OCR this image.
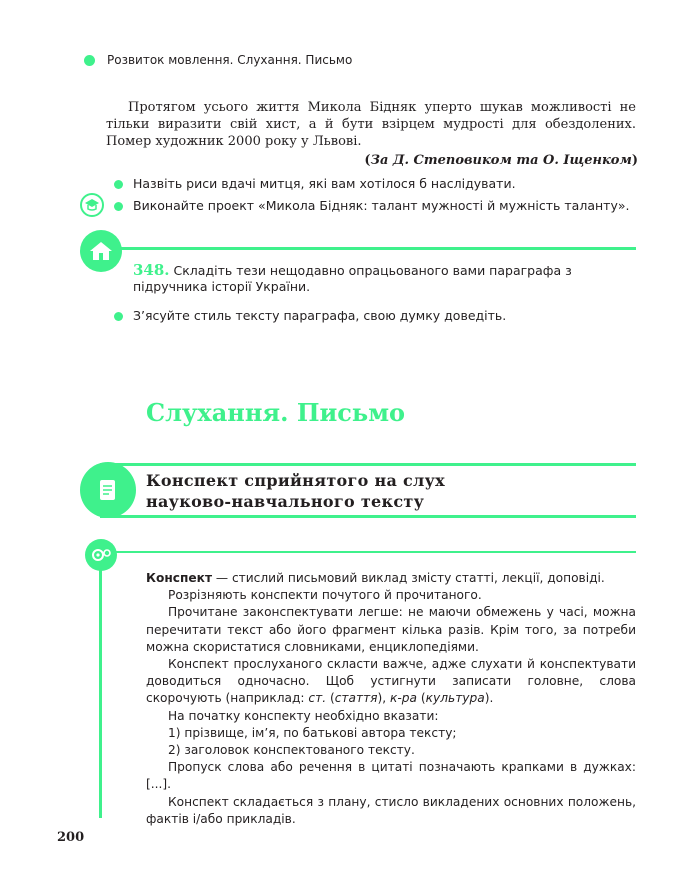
Розвиток мовлення. Слухання. Письмо
Протягом усього життя Микола Бідняк уперто шукав можливості не тільки виразити свій хист, а й бути взірцем мудрості для обездолених. Помер художник 2000 року у Львові.
(За Д. Степовиком та О. Іщенком)
Назвіть риси вдачі митця, які вам хотілося б наслідувати.
Виконайте проект «Микола Бідняк: талант мужності й мужність таланту».
348. Складіть тези нещодавно опрацьованого вами параграфа з підручника історії України.
З’ясуйте стиль тексту параграфа, свою думку доведіть.
Слухання. Письмо
Конспект сприйнятого на слух
науково-навчального тексту

Конспект — стислий письмовий виклад змісту статті, лекції, доповіді.

Розрізняють конспекти почутого й прочитаного.

Прочитане законспектувати легше: не маючи обмежень у часі, можна перечитати текст або його фрагмент кілька разів. Крім того, за потреби можна скористатися словниками, енциклопедіями.

Конспект прослуханого скласти важче, адже слухати й конспектувати доводиться одночасно. Щоб устигнути записати головне, слова скорочують (наприклад: ст. (стаття), к-ра (культура).

На початку конспекту необхідно вказати:

1) прізвище, ім’я, по батькові автора тексту;

2) заголовок конспектованого тексту.

Пропуск слова або речення в цитаті позначають крапками в дужках: [...].

Конспект складається з плану, стисло викладених основних положень, фактів і/або прикладів.

200
